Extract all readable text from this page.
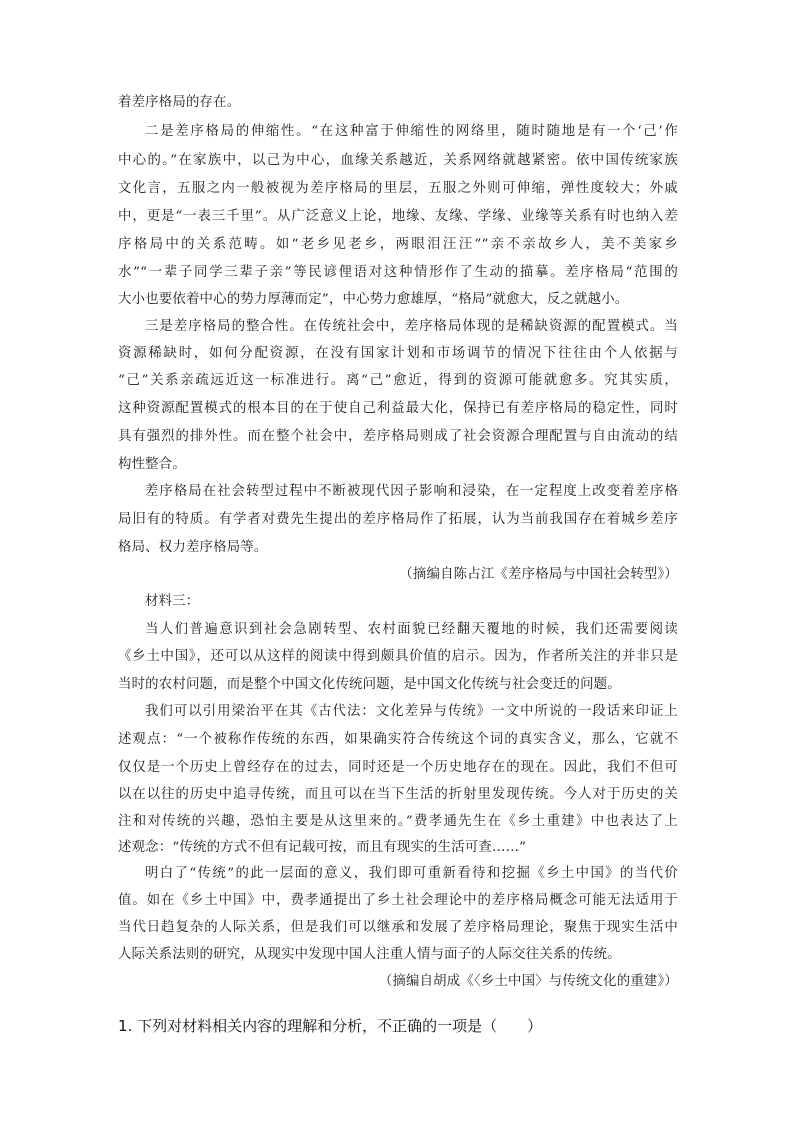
着差序格局的存在。
二是差序格局的伸缩性。“在这种富于伸缩性的网络里，随时随地是有一个‘己’作
中心的。”在家族中，以己为中心，血缘关系越近，关系网络就越紧密。依中国传统家族
文化言，五服之内一般被视为差序格局的里层，五服之外则可伸缩，弹性度较大；外戚
中，更是“一表三千里”。从广泛意义上论，地缘、友缘、学缘、业缘等关系有时也纳入差
序格局中的关系范畴。如“老乡见老乡，两眼泪汪汪”“亲不亲故乡人，美不美家乡
水”“一辈子同学三辈子亲”等民谚俚语对这种情形作了生动的描摹。差序格局“范围的
大小也要依着中心的势力厚薄而定”，中心势力愈雄厚，“格局”就愈大，反之就越小。
三是差序格局的整合性。在传统社会中，差序格局体现的是稀缺资源的配置模式。当
资源稀缺时，如何分配资源，在没有国家计划和市场调节的情况下往往由个人依据与
“己”关系亲疏远近这一标准进行。离“己”愈近，得到的资源可能就愈多。究其实质，
这种资源配置模式的根本目的在于使自己利益最大化，保持已有差序格局的稳定性，同时
具有强烈的排外性。而在整个社会中，差序格局则成了社会资源合理配置与自由流动的结
构性整合。
差序格局在社会转型过程中不断被现代因子影响和浸染，在一定程度上改变着差序格
局旧有的特质。有学者对费先生提出的差序格局作了拓展，认为当前我国存在着城乡差序
格局、权力差序格局等。
（摘编自陈占江《差序格局与中国社会转型》）
材料三：
当人们普遍意识到社会急剧转型、农村面貌已经翻天覆地的时候，我们还需要阅读
《乡土中国》，还可以从这样的阅读中得到颇具价值的启示。因为，作者所关注的并非只是
当时的农村问题，而是整个中国文化传统问题，是中国文化传统与社会变迁的问题。
我们可以引用梁治平在其《古代法：文化差异与传统》一文中所说的一段话来印证上
述观点：“一个被称作传统的东西，如果确实符合传统这个词的真实含义，那么，它就不
仅仅是一个历史上曾经存在的过去，同时还是一个历史地存在的现在。因此，我们不但可
以在以往的历史中追寻传统，而且可以在当下生活的折射里发现传统。今人对于历史的关
注和对传统的兴趣，恐怕主要是从这里来的。”费孝通先生在《乡土重建》中也表达了上
述观念：“传统的方式不但有记载可按，而且有现实的生活可查……”
明白了“传统”的此一层面的意义，我们即可重新看待和挖掘《乡土中国》的当代价
值。如在《乡土中国》中，费孝通提出了乡土社会理论中的差序格局概念可能无法适用于
当代日趋复杂的人际关系，但是我们可以继承和发展了差序格局理论，聚焦于现实生活中
人际关系法则的研究，从现实中发现中国人注重人情与面子的人际交往关系的传统。
（摘编自胡成《〈乡土中国〉与传统文化的重建》）
1. 下列对材料相关内容的理解和分析，不正确的一项是（　　）
